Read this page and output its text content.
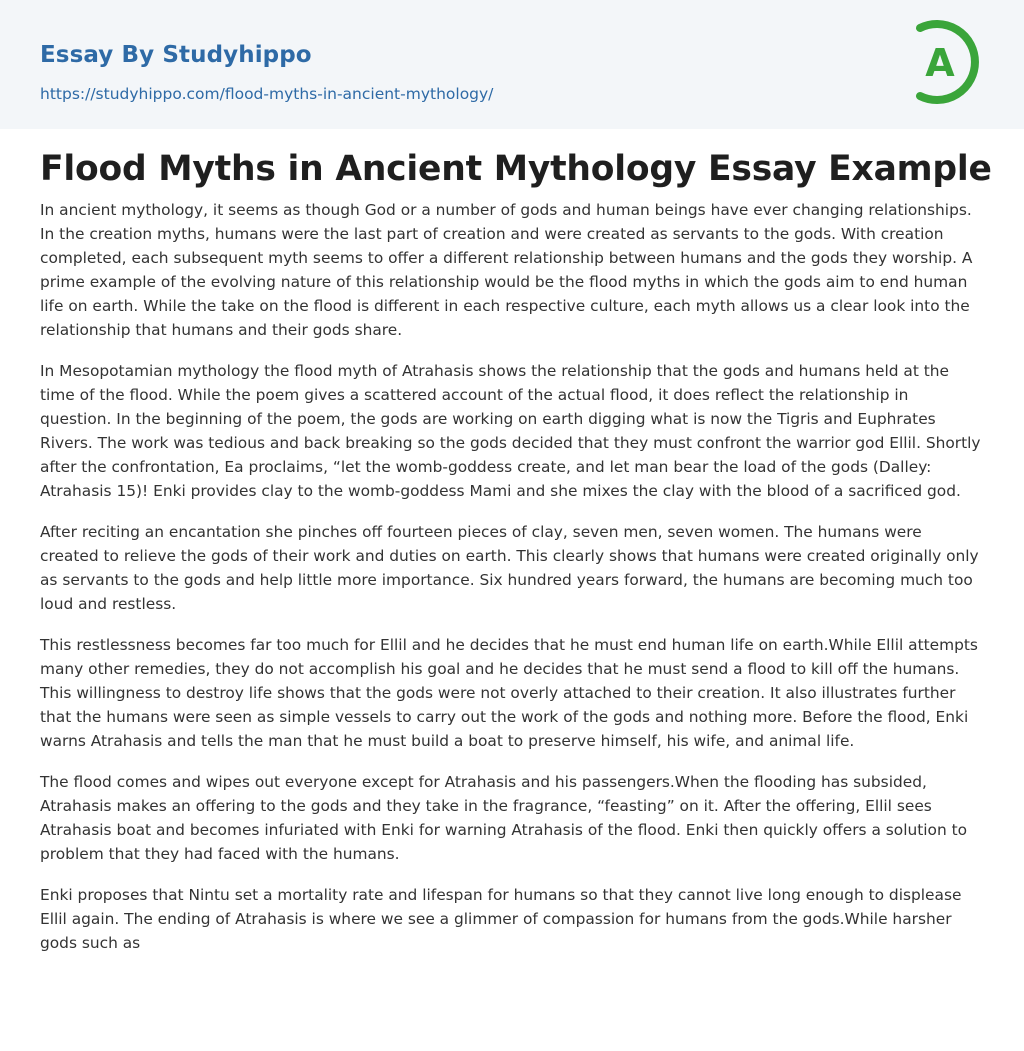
Essay By Studyhippo
https://studyhippo.com/flood-myths-in-ancient-mythology/
A
Flood Myths in Ancient Mythology Essay Example

In ancient mythology, it seems as though God or a number of gods and human beings have ever changing relationships. In the creation myths, humans were the last part of creation and were created as servants to the gods. With creation completed, each subsequent myth seems to offer a different relationship between humans and the gods they worship. A prime example of the evolving nature of this relationship would be the flood myths in which the gods aim to end human life on earth. While the take on the flood is different in each respective culture, each myth allows us a clear look into the relationship that humans and their gods share.

In Mesopotamian mythology the flood myth of Atrahasis shows the relationship that the gods and humans held at the time of the flood. While the poem gives a scattered account of the actual flood, it does reflect the relationship in question. In the beginning of the poem, the gods are working on earth digging what is now the Tigris and Euphrates Rivers. The work was tedious and back breaking so the gods decided that they must confront the warrior god Ellil. Shortly after the confrontation, Ea proclaims, “let the womb-goddess create, and let man bear the load of the gods (Dalley: Atrahasis 15)! Enki provides clay to the womb-goddess Mami and she mixes the clay with the blood of a sacrificed god.

After reciting an encantation she pinches off fourteen pieces of clay, seven men, seven women. The humans were created to relieve the gods of their work and duties on earth. This clearly shows that humans were created originally only as servants to the gods and help little more importance. Six hundred years forward, the humans are becoming much too loud and restless.

This restlessness becomes far too much for Ellil and he decides that he must end human life on earth.While Ellil attempts many other remedies, they do not accomplish his goal and he decides that he must send a flood to kill off the humans. This willingness to destroy life shows that the gods were not overly attached to their creation. It also illustrates further that the humans were seen as simple vessels to carry out the work of the gods and nothing more. Before the flood, Enki warns Atrahasis and tells the man that he must build a boat to preserve himself, his wife, and animal life.

The flood comes and wipes out everyone except for Atrahasis and his passengers.When the flooding has subsided, Atrahasis makes an offering to the gods and they take in the fragrance, “feasting” on it. After the offering, Ellil sees Atrahasis boat and becomes infuriated with Enki for warning Atrahasis of the flood. Enki then quickly offers a solution to problem that they had faced with the humans.

Enki proposes that Nintu set a mortality rate and lifespan for humans so that they cannot live long enough to displease Ellil again. The ending of Atrahasis is where we see a glimmer of compassion for humans from the gods.While harsher gods such as
